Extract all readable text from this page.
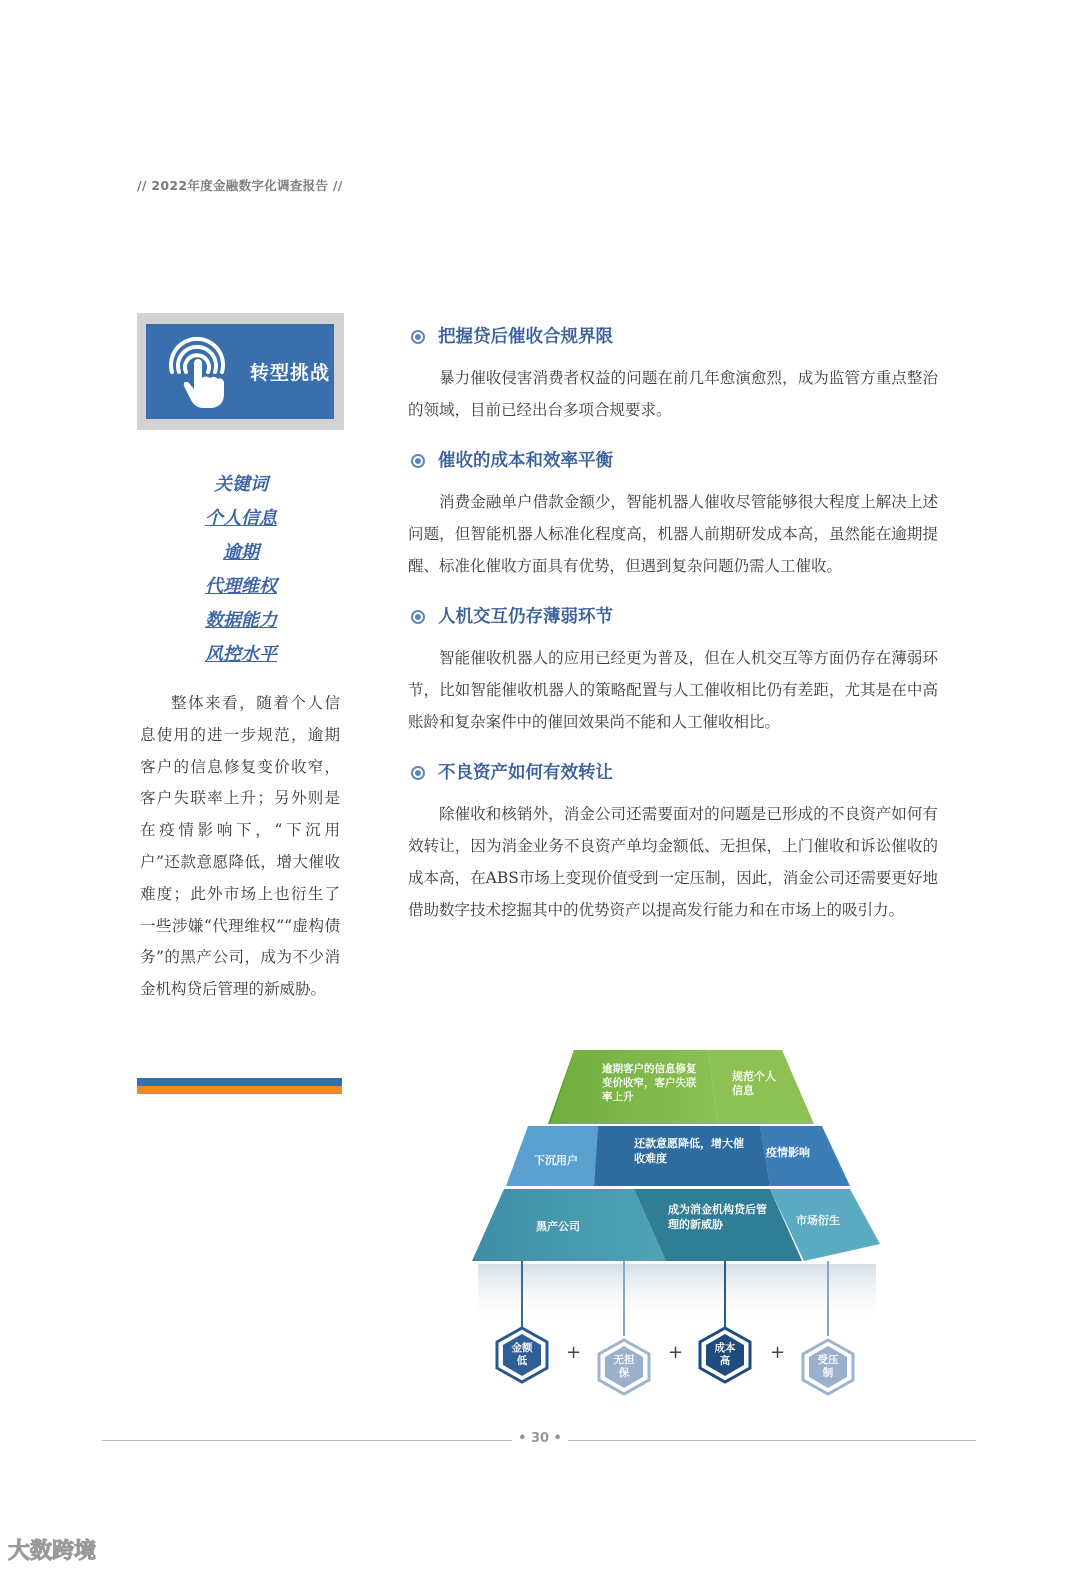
// 2022年度金融数字化调查报告 //
转型挑战
关键词
个人信息
逾期
代理维权
数据能力
风控水平
整体来看，随着个人信息使用的进一步规范，逾期客户的信息修复变价收窄，客户失联率上升；另外则是在疫情影响下，“下沉用户”还款意愿降低，增大催收难度；此外市场上也衍生了一些涉嫌“代理维权”“虚构债务”的黑产公司，成为不少消金机构贷后管理的新威胁。
把握贷后催收合规界限
暴力催收侵害消费者权益的问题在前几年愈演愈烈，成为监管方重点整治的领域，目前已经出台多项合规要求。
催收的成本和效率平衡
消费金融单户借款金额少，智能机器人催收尽管能够很大程度上解决上述问题，但智能机器人标准化程度高，机器人前期研发成本高，虽然能在逾期提醒、标准化催收方面具有优势，但遇到复杂问题仍需人工催收。
人机交互仍存薄弱环节
智能催收机器人的应用已经更为普及，但在人机交互等方面仍存在薄弱环节，比如智能催收机器人的策略配置与人工催收相比仍有差距，尤其是在中高账龄和复杂案件中的催回效果尚不能和人工催收相比。
不良资产如何有效转让
除催收和核销外，消金公司还需要面对的问题是已形成的不良资产如何有效转让，因为消金业务不良资产单均金额低、无担保，上门催收和诉讼催收的成本高，在ABS市场上变现价值受到一定压制，因此，消金公司还需要更好地借助数字技术挖掘其中的优势资产以提高发行能力和在市场上的吸引力。
逾期客户的信息修复变价收窄，客户失联率上升
规范个人信息
下沉用户
还款意愿降低，增大催收难度	疫情影响
黑产公司
成为消金机构贷后管理的新威胁	市场衍生
金额低	无担保
成本高	受压制
+	+	+
• 30 •
大数跨境
